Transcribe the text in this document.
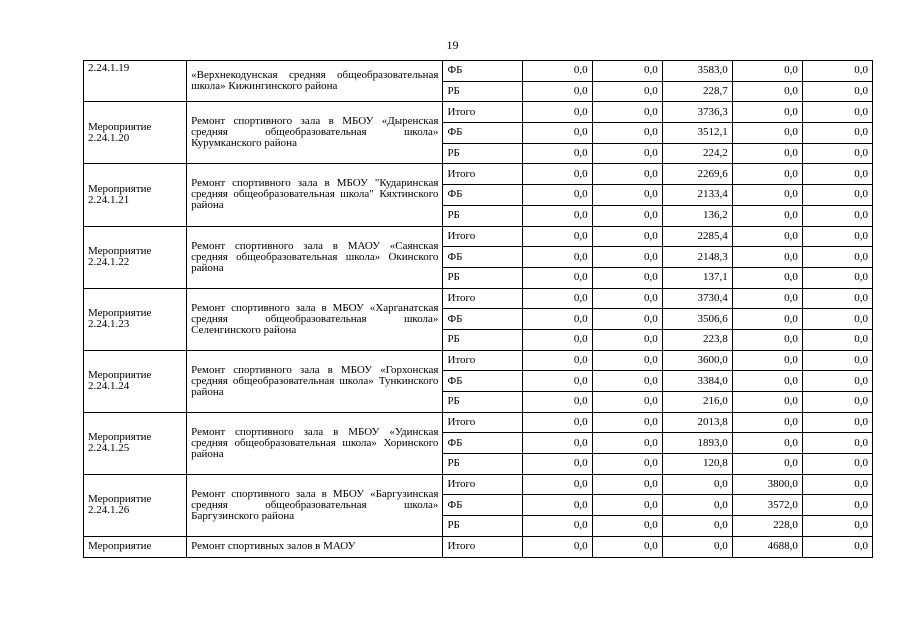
19
2.24.1.19	«Верхнекодунская средняя общеобразовательная школа» Кижингинского района	ФБ	0,0	0,0	3583,0	0,0	0,0
		РБ	0,0	0,0	228,7	0,0	0,0
Мероприятие 2.24.1.20	Ремонт спортивного зала в МБОУ «Дыренская средняя общеобразовательная школа» Курумканского района	Итого	0,0	0,0	3736,3	0,0	0,0
		ФБ	0,0	0,0	3512,1	0,0	0,0
		РБ	0,0	0,0	224,2	0,0	0,0
Мероприятие 2.24.1.21	Ремонт спортивного зала в МБОУ "Кударинская средняя общеобразовательная школа" Кяхтинского района	Итого	0,0	0,0	2269,6	0,0	0,0
		ФБ	0,0	0,0	2133,4	0,0	0,0
		РБ	0,0	0,0	136,2	0,0	0,0
Мероприятие 2.24.1.22	Ремонт спортивного зала в МАОУ «Саянская средняя общеобразовательная школа» Окинского района	Итого	0,0	0,0	2285,4	0,0	0,0
		ФБ	0,0	0,0	2148,3	0,0	0,0
		РБ	0,0	0,0	137,1	0,0	0,0
Мероприятие 2.24.1.23	Ремонт спортивного зала в МБОУ «Харганатская средняя общеобразовательная школа» Селенгинского района	Итого	0,0	0,0	3730,4	0,0	0,0
		ФБ	0,0	0,0	3506,6	0,0	0,0
		РБ	0,0	0,0	223,8	0,0	0,0
Мероприятие 2.24.1.24	Ремонт спортивного зала в МБОУ «Горхонская средняя общеобразовательная школа» Тункинского района	Итого	0,0	0,0	3600,0	0,0	0,0
		ФБ	0,0	0,0	3384,0	0,0	0,0
		РБ	0,0	0,0	216,0	0,0	0,0
Мероприятие 2.24.1.25	Ремонт спортивного зала в МБОУ «Удинская средняя общеобразовательная школа» Хоринского района	Итого	0,0	0,0	2013,8	0,0	0,0
		ФБ	0,0	0,0	1893,0	0,0	0,0
		РБ	0,0	0,0	120,8	0,0	0,0
Мероприятие 2.24.1.26	Ремонт спортивного зала в МБОУ «Баргузинская средняя общеобразовательная школа» Баргузинского района	Итого	0,0	0,0	0,0	3800,0	0,0
		ФБ	0,0	0,0	0,0	3572,0	0,0
		РБ	0,0	0,0	0,0	228,0	0,0
Мероприятие	Ремонт спортивных залов в МАОУ	Итого	0,0	0,0	0,0	4688,0	0,0
